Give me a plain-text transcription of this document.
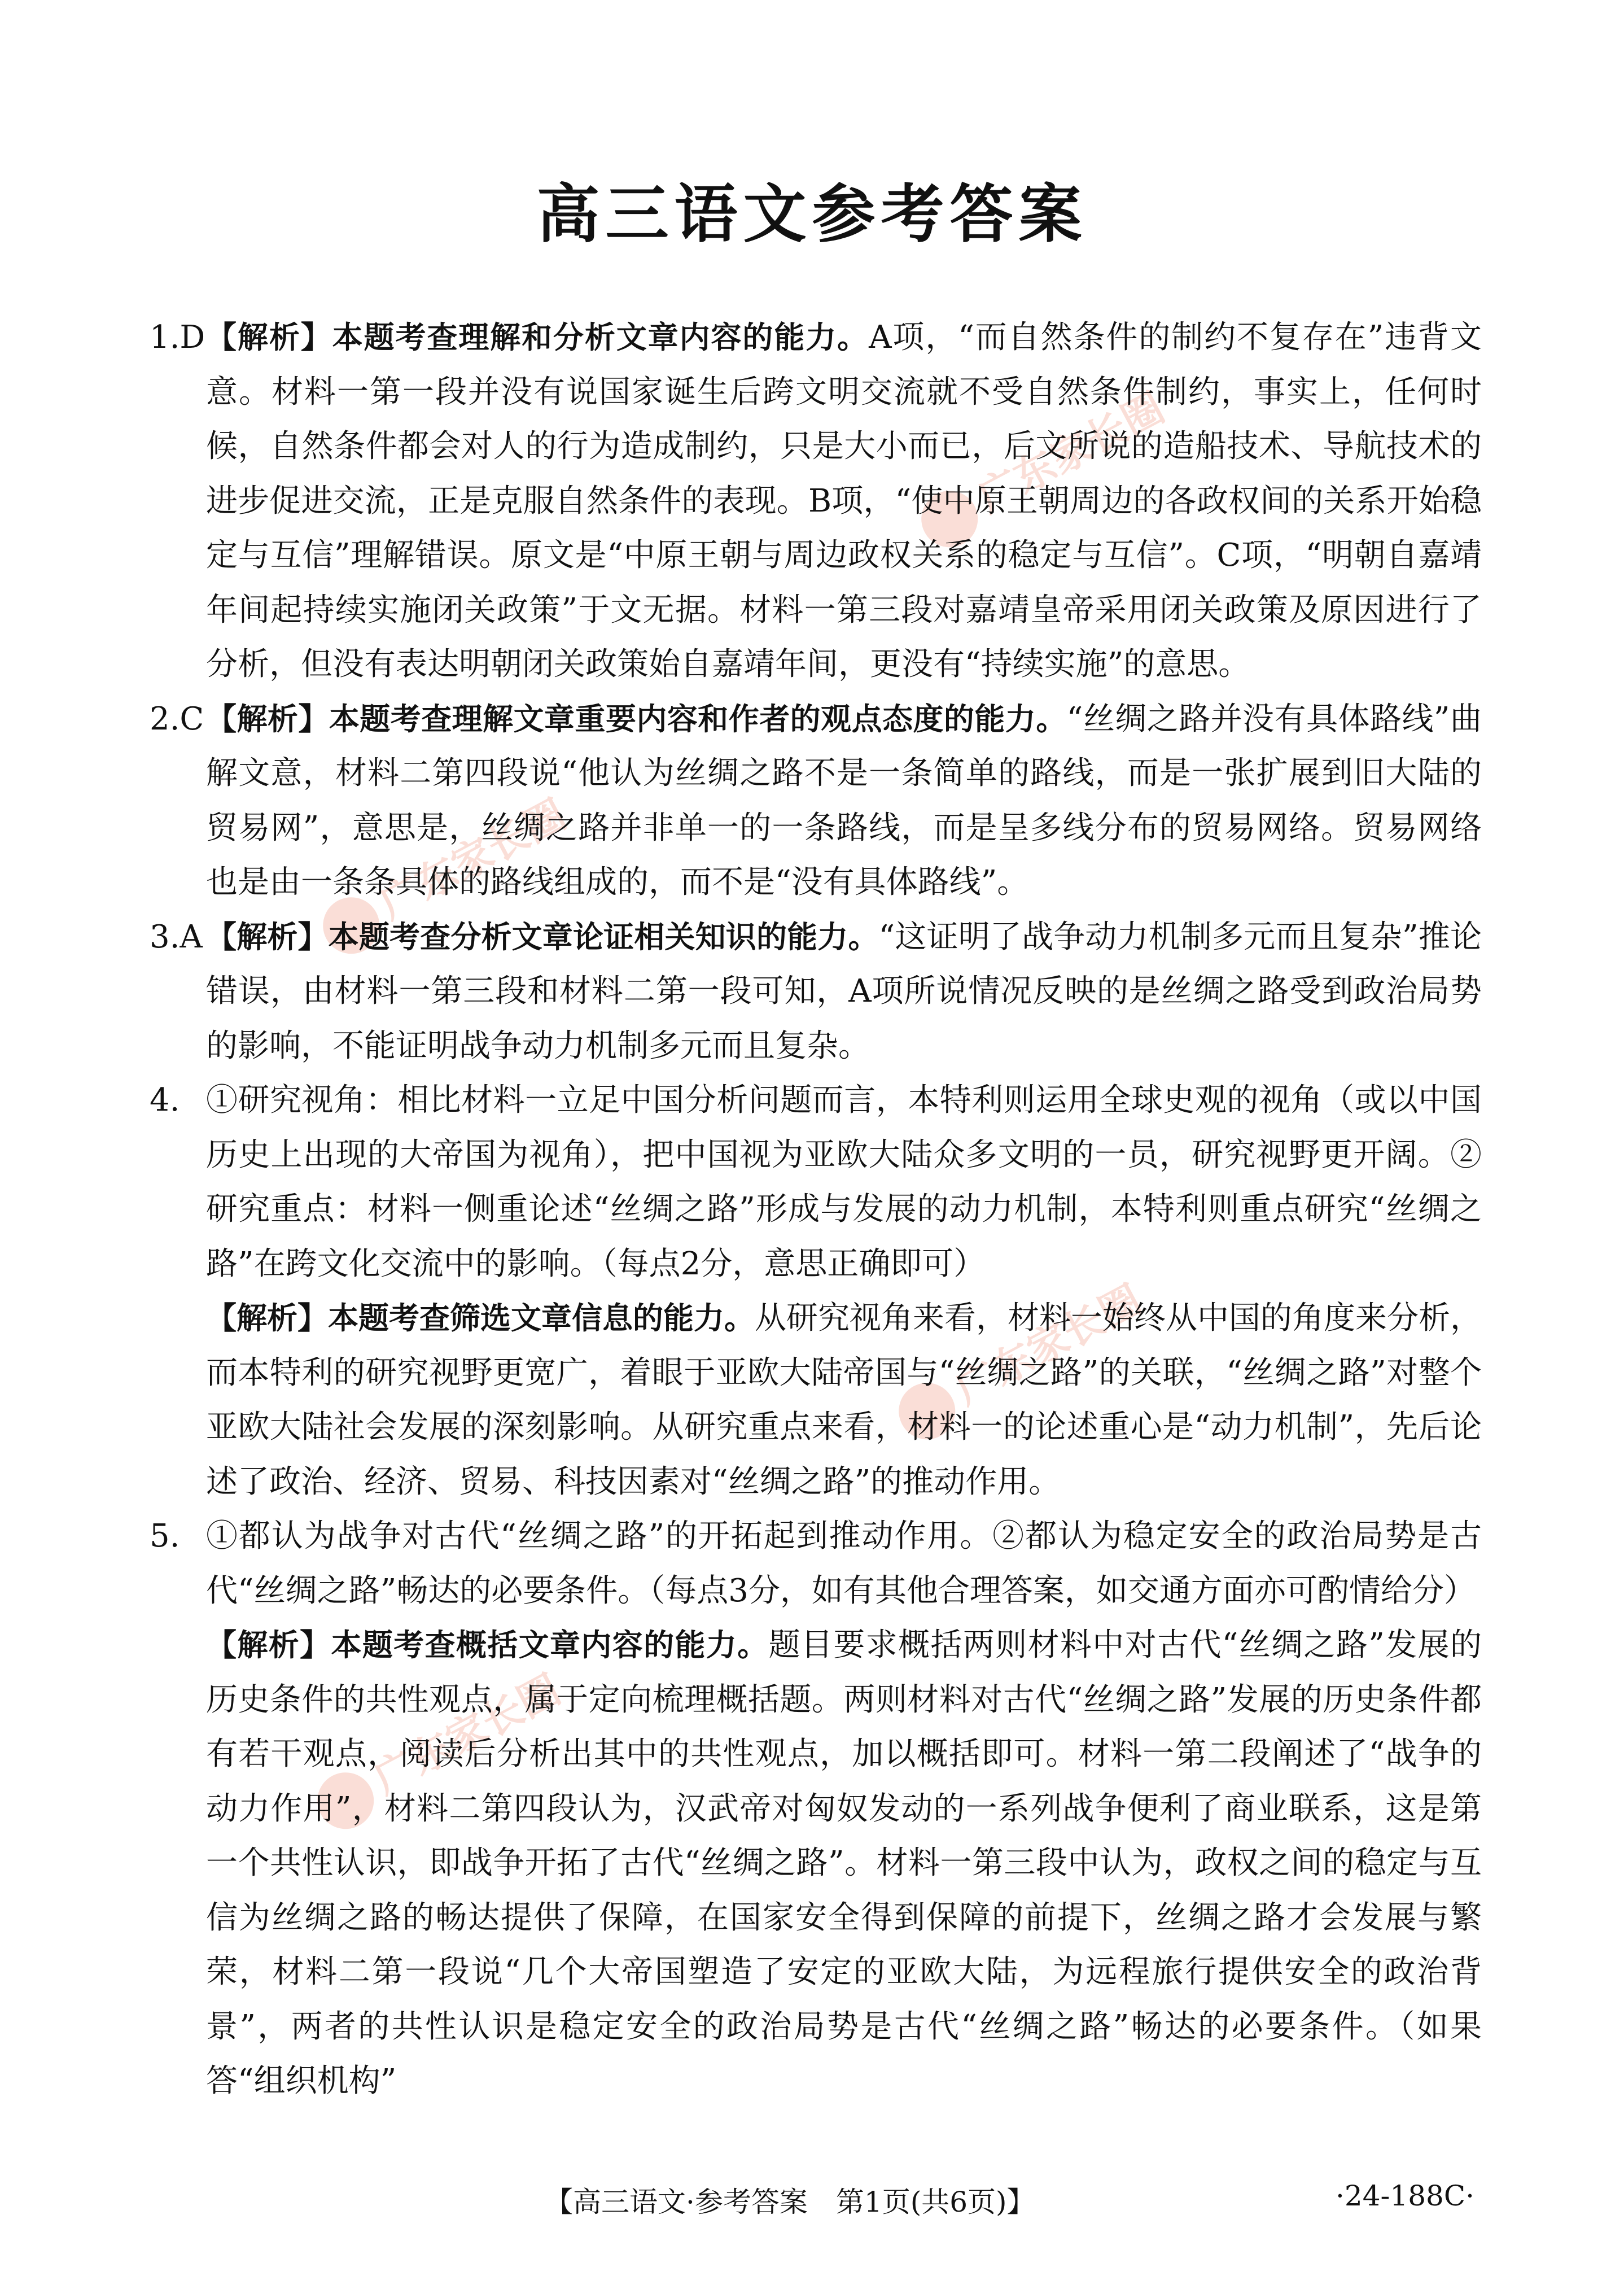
广东家长圈
广东家长圈
广东家长圈
广东家长圈
高三语文参考答案
1.D 【解析】本题考查理解和分析文章内容的能力。A项，“而自然条件的制约不复存在”违背文意。材料一第一段并没有说国家诞生后跨文明交流就不受自然条件制约，事实上，任何时候，自然条件都会对人的行为造成制约，只是大小而已，后文所说的造船技术、导航技术的进步促进交流，正是克服自然条件的表现。B项，“使中原王朝周边的各政权间的关系开始稳定与互信”理解错误。原文是“中原王朝与周边政权关系的稳定与互信”。C项，“明朝自嘉靖年间起持续实施闭关政策”于文无据。材料一第三段对嘉靖皇帝采用闭关政策及原因进行了分析，但没有表达明朝闭关政策始自嘉靖年间，更没有“持续实施”的意思。

2.C 【解析】本题考查理解文章重要内容和作者的观点态度的能力。“丝绸之路并没有具体路线”曲解文意，材料二第四段说“他认为丝绸之路不是一条简单的路线，而是一张扩展到旧大陆的贸易网”，意思是，丝绸之路并非单一的一条路线，而是呈多线分布的贸易网络。贸易网络也是由一条条具体的路线组成的，而不是“没有具体路线”。

3.A 【解析】本题考查分析文章论证相关知识的能力。“这证明了战争动力机制多元而且复杂”推论错误，由材料一第三段和材料二第一段可知，A项所说情况反映的是丝绸之路受到政治局势的影响，不能证明战争动力机制多元而且复杂。

4. ①研究视角：相比材料一立足中国分析问题而言，本特利则运用全球史观的视角（或以中国历史上出现的大帝国为视角），把中国视为亚欧大陆众多文明的一员，研究视野更开阔。②研究重点：材料一侧重论述“丝绸之路”形成与发展的动力机制，本特利则重点研究“丝绸之路”在跨文化交流中的影响。（每点2分，意思正确即可）

【解析】本题考查筛选文章信息的能力。从研究视角来看，材料一始终从中国的角度来分析，而本特利的研究视野更宽广，着眼于亚欧大陆帝国与“丝绸之路”的关联，“丝绸之路”对整个亚欧大陆社会发展的深刻影响。从研究重点来看，材料一的论述重心是“动力机制”，先后论述了政治、经济、贸易、科技因素对“丝绸之路”的推动作用。

5. ①都认为战争对古代“丝绸之路”的开拓起到推动作用。②都认为稳定安全的政治局势是古代“丝绸之路”畅达的必要条件。（每点3分，如有其他合理答案，如交通方面亦可酌情给分）

【解析】本题考查概括文章内容的能力。题目要求概括两则材料中对古代“丝绸之路”发展的历史条件的共性观点，属于定向梳理概括题。两则材料对古代“丝绸之路”发展的历史条件都有若干观点，阅读后分析出其中的共性观点，加以概括即可。材料一第二段阐述了“战争的动力作用”，材料二第四段认为，汉武帝对匈奴发动的一系列战争便利了商业联系，这是第一个共性认识，即战争开拓了古代“丝绸之路”。材料一第三段中认为，政权之间的稳定与互信为丝绸之路的畅达提供了保障，在国家安全得到保障的前提下，丝绸之路才会发展与繁荣，材料二第一段说“几个大帝国塑造了安定的亚欧大陆，为远程旅行提供安全的政治背景”，两者的共性认识是稳定安全的政治局势是古代“丝绸之路”畅达的必要条件。（如果答“组织机构”

【高三语文·参考答案　第1页(共6页)】	·24-188C·
